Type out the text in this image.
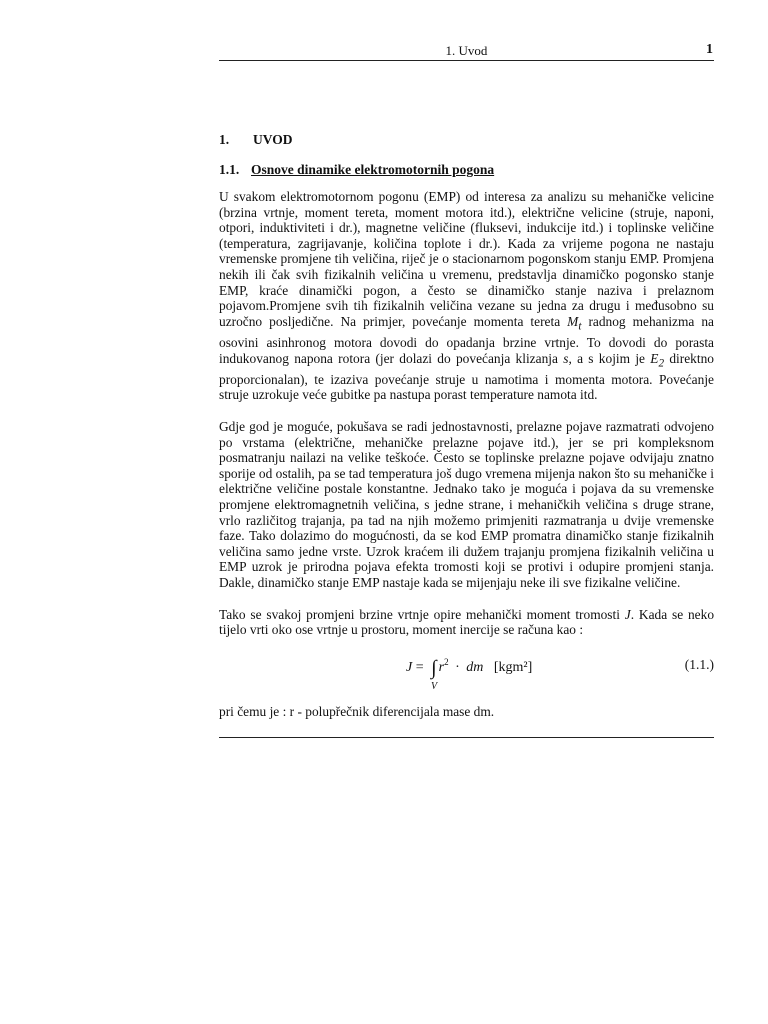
1. Uvod	1
1. UVOD
1.1. Osnove dinamike elektromotornih pogona

U svakom elektromotornom pogonu (EMP) od interesa za analizu su mehaničke velicine (brzina vrtnje, moment tereta, moment motora itd.), električne velicine (struje, naponi, otpori, induktiviteti i dr.), magnetne veličine (fluksevi, indukcije itd.) i toplinske veličine (temperatura, zagrijavanje, količina toplote i dr.). Kada za vrijeme pogona ne nastaju vremenske promjene tih veličina, riječ je o stacionarnom pogonskom stanju EMP. Promjena nekih ili čak svih fizikalnih veličina u vremenu, predstavlja dinamičko pogonsko stanje EMP, kraće dinamički pogon, a često se dinamičko stanje naziva i prelaznom pojavom.Promjene svih tih fizikalnih veličina vezane su jedna za drugu i međusobno su uzročno posljedične. Na primjer, povećanje momenta tereta $M_t$ radnog mehanizma na osovini asinhronog motora dovodi do opadanja brzine vrtnje. To dovodi do porasta indukovanog napona rotora (jer dolazi do povećanja klizanja s, a s kojim je $E_2$ direktno proporcionalan), te izaziva povećanje struje u namotima i momenta motora. Povećanje struje uzrokuje veće gubitke pa nastupa porast temperature namota itd.

Gdje god je moguće, pokušava se radi jednostavnosti, prelazne pojave razmatrati odvojeno po vrstama (električne, mehaničke prelazne pojave itd.), jer se pri kompleksnom posmatranju nailazi na velike teškoće. Često se toplinske prelazne pojave odvijaju znatno sporije od ostalih, pa se tad temperatura još dugo vremena mijenja nakon što su mehaničke i električne veličine postale konstantne. Jednako tako je moguća i pojava da su vremenske promjene elektromagnetnih veličina, s jedne strane, i mehaničkih veličina s druge strane, vrlo različitog trajanja, pa tad na njih možemo primjeniti razmatranja u dvije vremenske faze. Tako dolazimo do mogućnosti, da se kod EMP promatra dinamičko stanje fizikalnih veličina samo jedne vrste. Uzrok kraćem ili dužem trajanju promjena fizikalnih veličina u EMP uzrok je prirodna pojava efekta tromosti koji se protivi i odupire promjeni stanja. Dakle, dinamičko stanje EMP nastaje kada se mijenjaju neke ili sve fizikalne veličine.

Tako se svakoj promjeni brzine vrtnje opire mehanički moment tromosti J. Kada se neko tijelo vrti oko ose vrtnje u prostoru, moment inercije se računa kao :

J = ∫ $r^2$ · dm [kgm²]
V
(1.1.)

pri čemu je : r - polupřečnik diferencijala mase dm.
